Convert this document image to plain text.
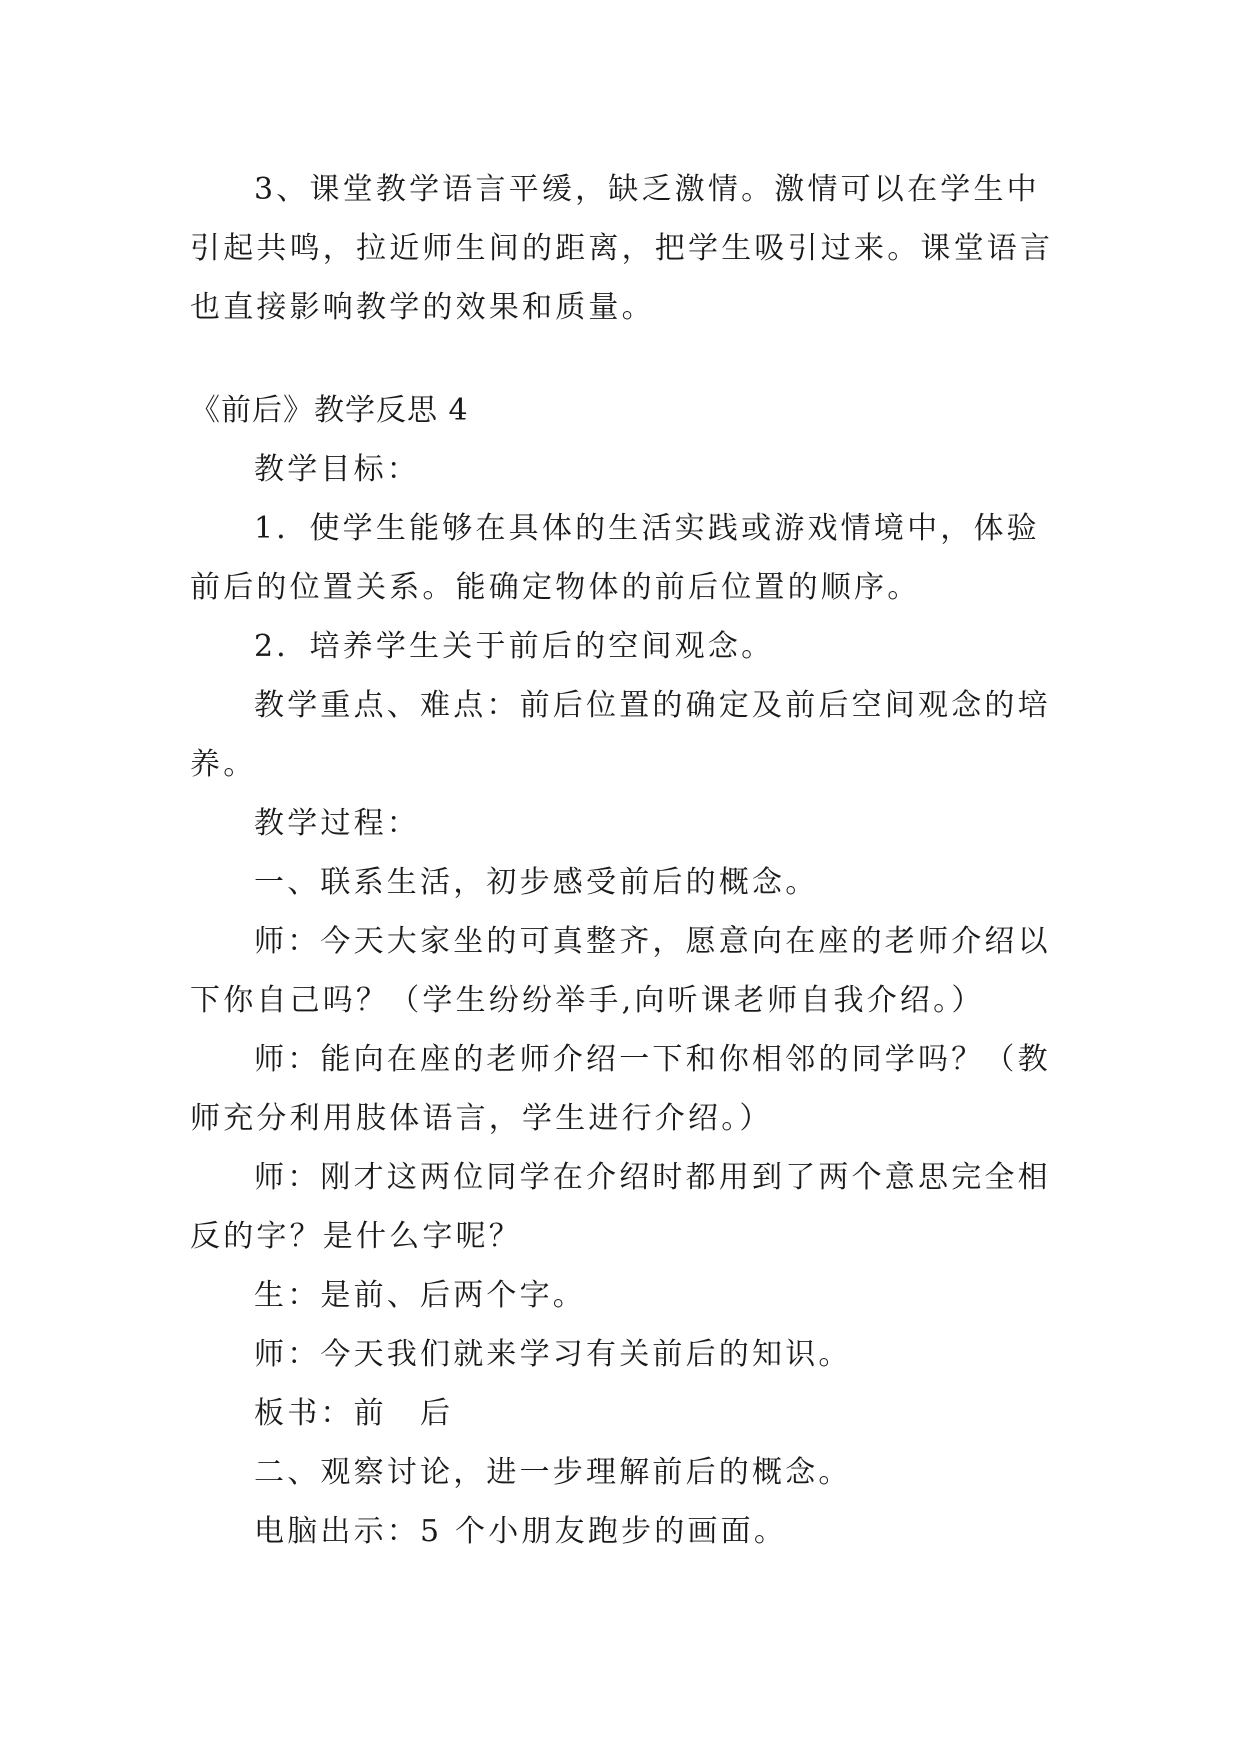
3、课堂教学语言平缓，缺乏激情。激情可以在学生中
引起共鸣，拉近师生间的距离，把学生吸引过来。课堂语言
也直接影响教学的效果和质量。
《前后》教学反思 4
教学目标：
1．使学生能够在具体的生活实践或游戏情境中，体验
前后的位置关系。能确定物体的前后位置的顺序。
2．培养学生关于前后的空间观念。
教学重点、难点：前后位置的确定及前后空间观念的培
养。
教学过程：
一、联系生活，初步感受前后的概念。
师：今天大家坐的可真整齐，愿意向在座的老师介绍以
下你自己吗？（学生纷纷举手,向听课老师自我介绍。）
师：能向在座的老师介绍一下和你相邻的同学吗？（教
师充分利用肢体语言，学生进行介绍。）
师：刚才这两位同学在介绍时都用到了两个意思完全相
反的字？是什么字呢？
生：是前、后两个字。
师：今天我们就来学习有关前后的知识。
板书：前　后
二、观察讨论，进一步理解前后的概念。
电脑出示：5 个小朋友跑步的画面。
